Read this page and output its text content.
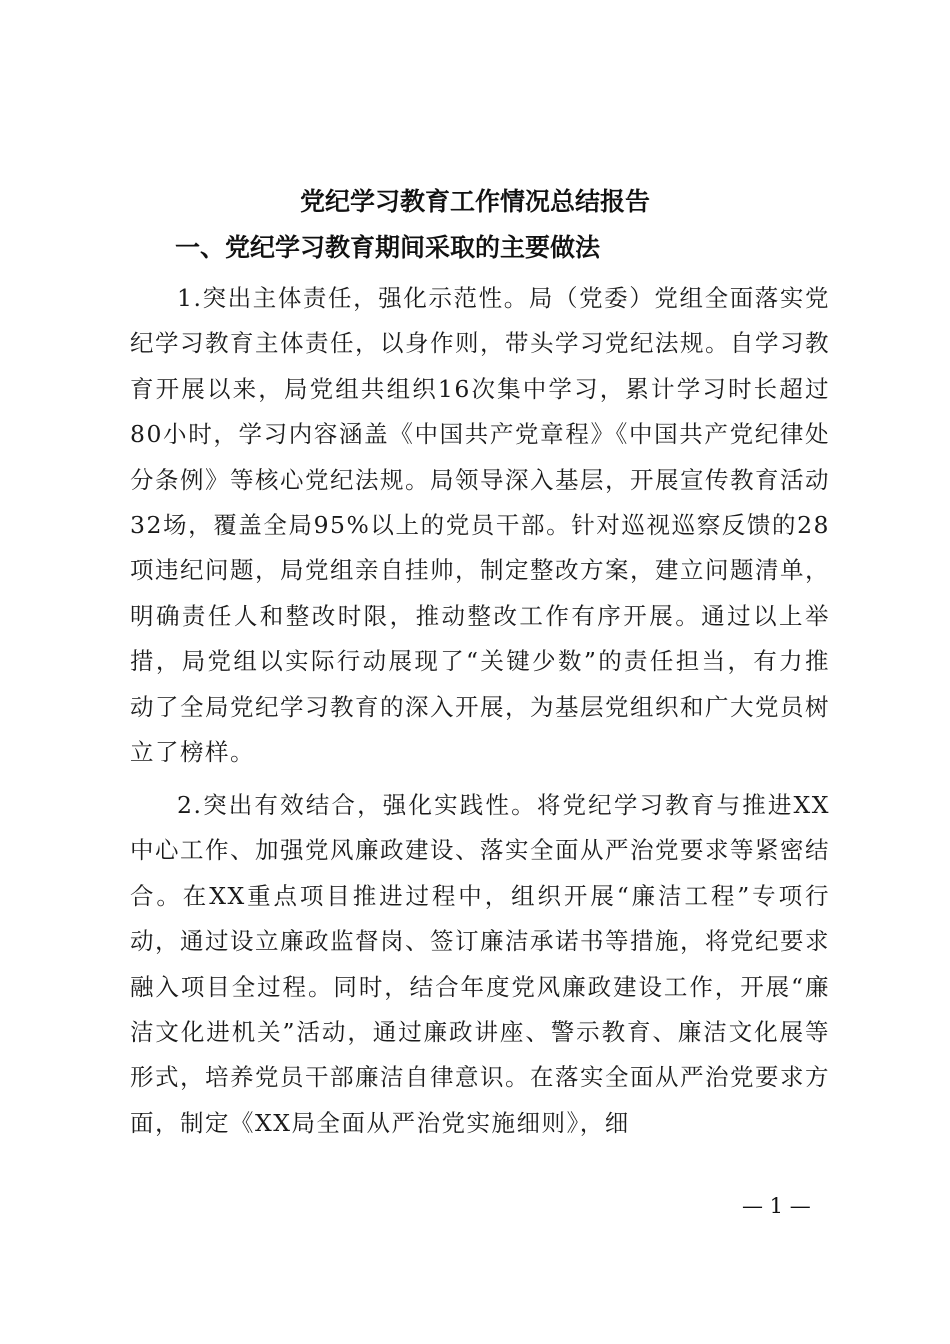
党纪学习教育工作情况总结报告
一、党纪学习教育期间采取的主要做法

1.突出主体责任，强化示范性。局（党委）党组全面落实党纪学习教育主体责任，以身作则，带头学习党纪法规。自学习教育开展以来，局党组共组织16次集中学习，累计学习时长超过80小时，学习内容涵盖《中国共产党章程》《中国共产党纪律处分条例》等核心党纪法规。局领导深入基层，开展宣传教育活动32场，覆盖全局95%以上的党员干部。针对巡视巡察反馈的28项违纪问题，局党组亲自挂帅，制定整改方案，建立问题清单，明确责任人和整改时限，推动整改工作有序开展。通过以上举措，局党组以实际行动展现了“关键少数”的责任担当，有力推动了全局党纪学习教育的深入开展，为基层党组织和广大党员树立了榜样。

2.突出有效结合，强化实践性。将党纪学习教育与推进XX中心工作、加强党风廉政建设、落实全面从严治党要求等紧密结合。在XX重点项目推进过程中，组织开展“廉洁工程”专项行动，通过设立廉政监督岗、签订廉洁承诺书等措施，将党纪要求融入项目全过程。同时，结合年度党风廉政建设工作，开展“廉洁文化进机关”活动，通过廉政讲座、警示教育、廉洁文化展等形式，培养党员干部廉洁自律意识。在落实全面从严治党要求方面，制定《XX局全面从严治党实施细则》，细

— 1 —
